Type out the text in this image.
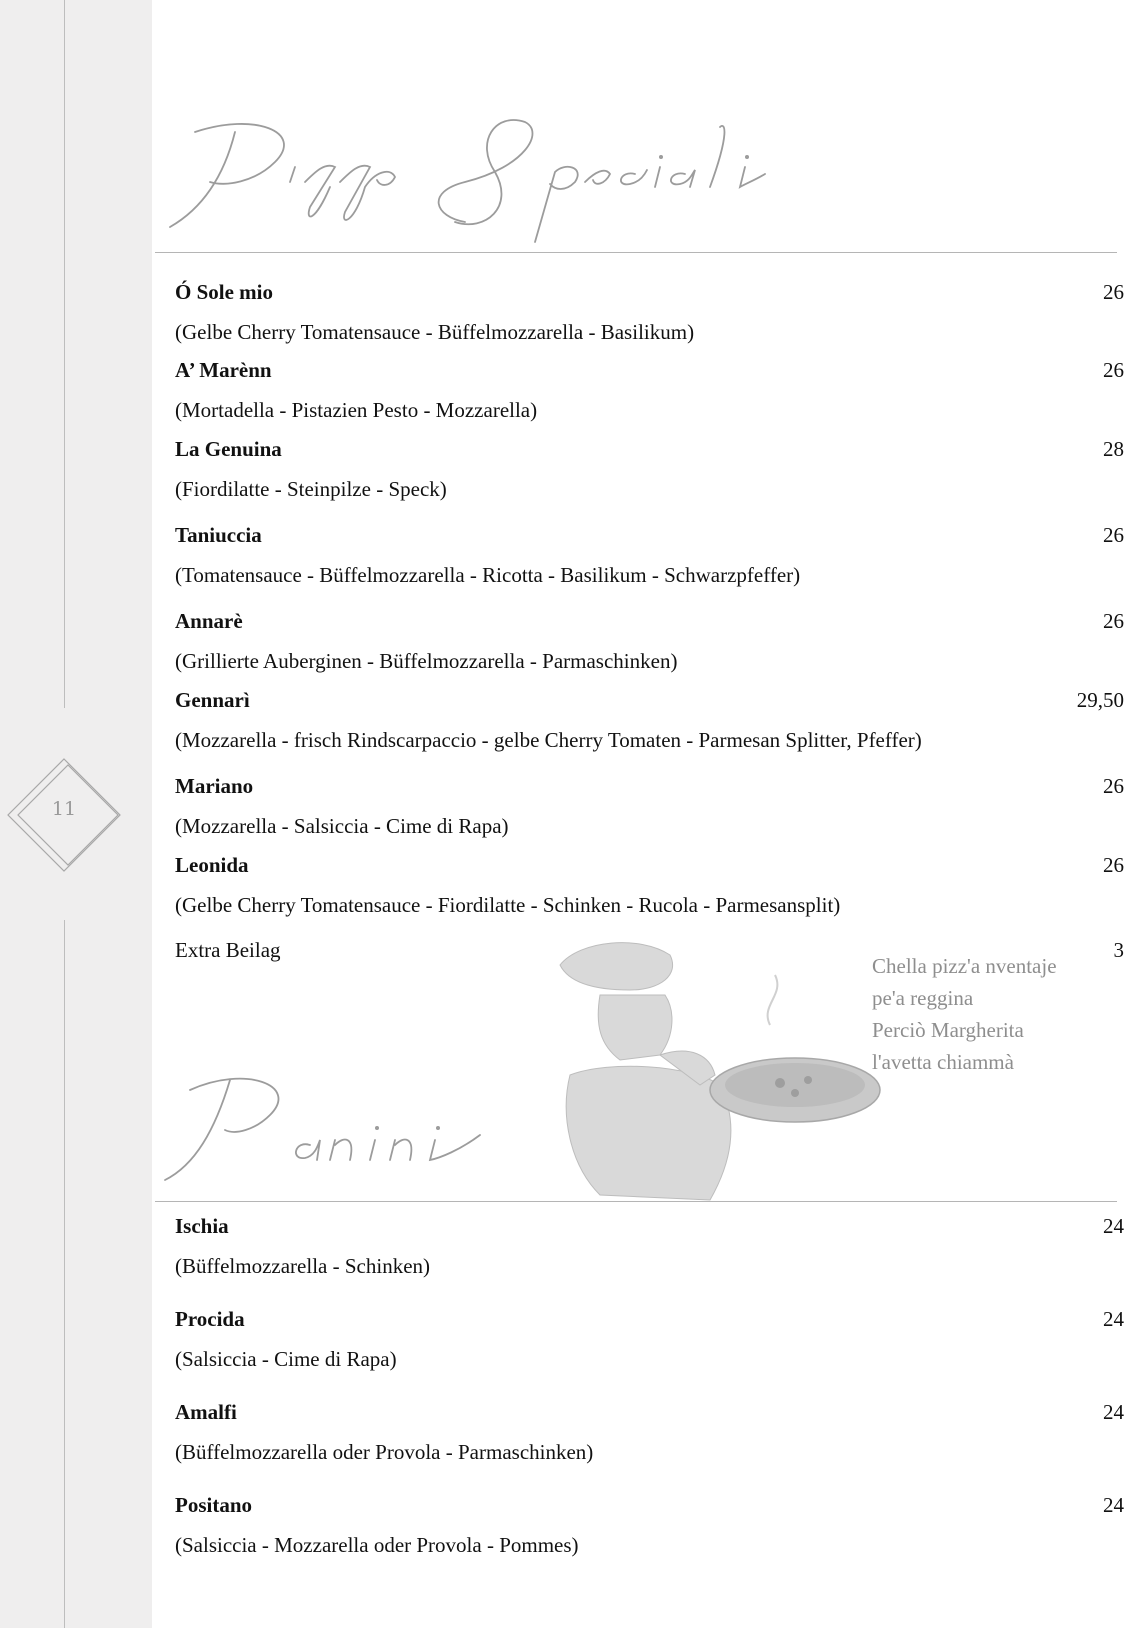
11
Ó Sole mio	26
(Gelbe Cherry Tomatensauce - Büffelmozzarella - Basilikum)
A’ Marènn	26
(Mortadella - Pistazien Pesto - Mozzarella)
La Genuina	28
(Fiordilatte - Steinpilze - Speck)
Taniuccia	26
(Tomatensauce - Büffelmozzarella - Ricotta - Basilikum - Schwarzpfeffer)
Annarè	26
(Grillierte Auberginen - Büffelmozzarella - Parmaschinken)
Gennarì	29,50
(Mozzarella - frisch Rindscarpaccio - gelbe Cherry Tomaten - Parmesan Splitter, Pfeffer)
Mariano	26
(Mozzarella - Salsiccia - Cime di Rapa)
Leonida	26
(Gelbe Cherry Tomatensauce - Fiordilatte - Schinken - Rucola - Parmesansplit)
Extra Beilag	3
Chella pizz'a nventaje
pe'a reggina
Perciò Margherita
l'avetta chiammà
Ischia	24
(Büffelmozzarella - Schinken)
Procida	24
(Salsiccia - Cime di Rapa)
Amalfi	24
(Büffelmozzarella oder Provola - Parmaschinken)
Positano	24
(Salsiccia - Mozzarella oder Provola - Pommes)
